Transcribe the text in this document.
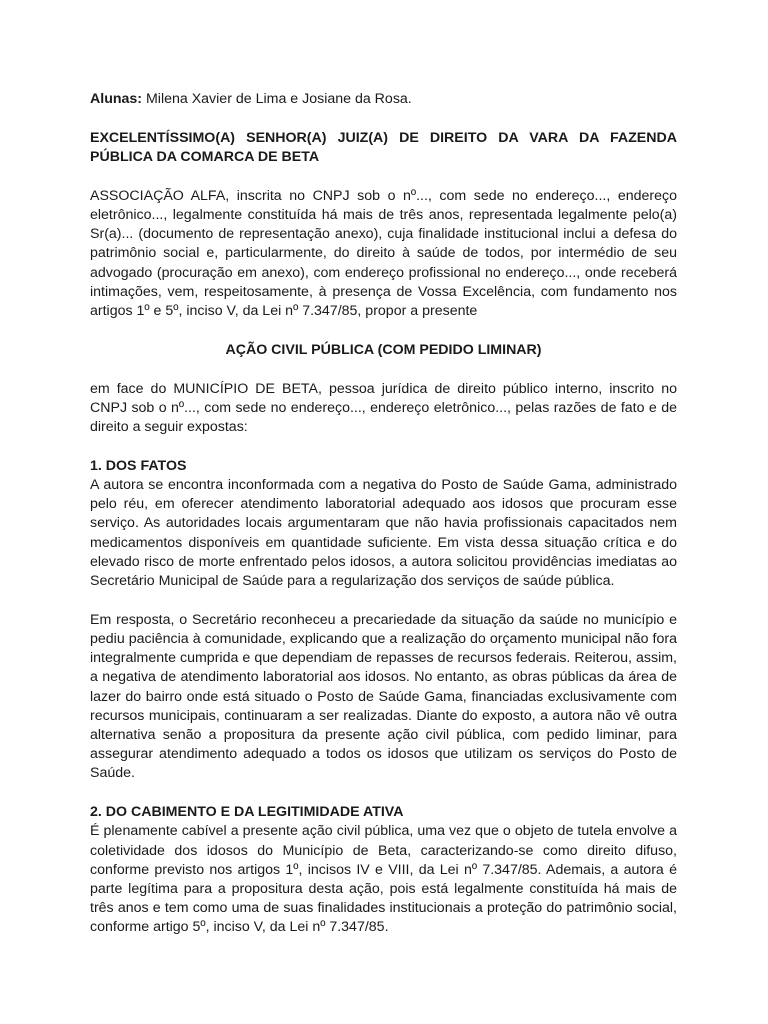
Alunas: Milena Xavier de Lima e Josiane da Rosa.

EXCELENTÍSSIMO(A) SENHOR(A) JUIZ(A) DE DIREITO DA VARA DA FAZENDA PÚBLICA DA COMARCA DE BETA

ASSOCIAÇÃO ALFA, inscrita no CNPJ sob o nº..., com sede no endereço..., endereço eletrônico..., legalmente constituída há mais de três anos, representada legalmente pelo(a) Sr(a)... (documento de representação anexo), cuja finalidade institucional inclui a defesa do patrimônio social e, particularmente, do direito à saúde de todos, por intermédio de seu advogado (procuração em anexo), com endereço profissional no endereço..., onde receberá intimações, vem, respeitosamente, à presença de Vossa Excelência, com fundamento nos artigos 1º e 5º, inciso V, da Lei nº 7.347/85, propor a presente

AÇÃO CIVIL PÚBLICA (COM PEDIDO LIMINAR)

em face do MUNICÍPIO DE BETA, pessoa jurídica de direito público interno, inscrito no CNPJ sob o nº..., com sede no endereço..., endereço eletrônico..., pelas razões de fato e de direito a seguir expostas:

1. DOS FATOS

A autora se encontra inconformada com a negativa do Posto de Saúde Gama, administrado pelo réu, em oferecer atendimento laboratorial adequado aos idosos que procuram esse serviço. As autoridades locais argumentaram que não havia profissionais capacitados nem medicamentos disponíveis em quantidade suficiente. Em vista dessa situação crítica e do elevado risco de morte enfrentado pelos idosos, a autora solicitou providências imediatas ao Secretário Municipal de Saúde para a regularização dos serviços de saúde pública.

Em resposta, o Secretário reconheceu a precariedade da situação da saúde no município e pediu paciência à comunidade, explicando que a realização do orçamento municipal não fora integralmente cumprida e que dependiam de repasses de recursos federais. Reiterou, assim, a negativa de atendimento laboratorial aos idosos. No entanto, as obras públicas da área de lazer do bairro onde está situado o Posto de Saúde Gama, financiadas exclusivamente com recursos municipais, continuaram a ser realizadas. Diante do exposto, a autora não vê outra alternativa senão a propositura da presente ação civil pública, com pedido liminar, para assegurar atendimento adequado a todos os idosos que utilizam os serviços do Posto de Saúde.

2. DO CABIMENTO E DA LEGITIMIDADE ATIVA

É plenamente cabível a presente ação civil pública, uma vez que o objeto de tutela envolve a coletividade dos idosos do Município de Beta, caracterizando-se como direito difuso, conforme previsto nos artigos 1º, incisos IV e VIII, da Lei nº 7.347/85. Ademais, a autora é parte legítima para a propositura desta ação, pois está legalmente constituída há mais de três anos e tem como uma de suas finalidades institucionais a proteção do patrimônio social, conforme artigo 5º, inciso V, da Lei nº 7.347/85.
